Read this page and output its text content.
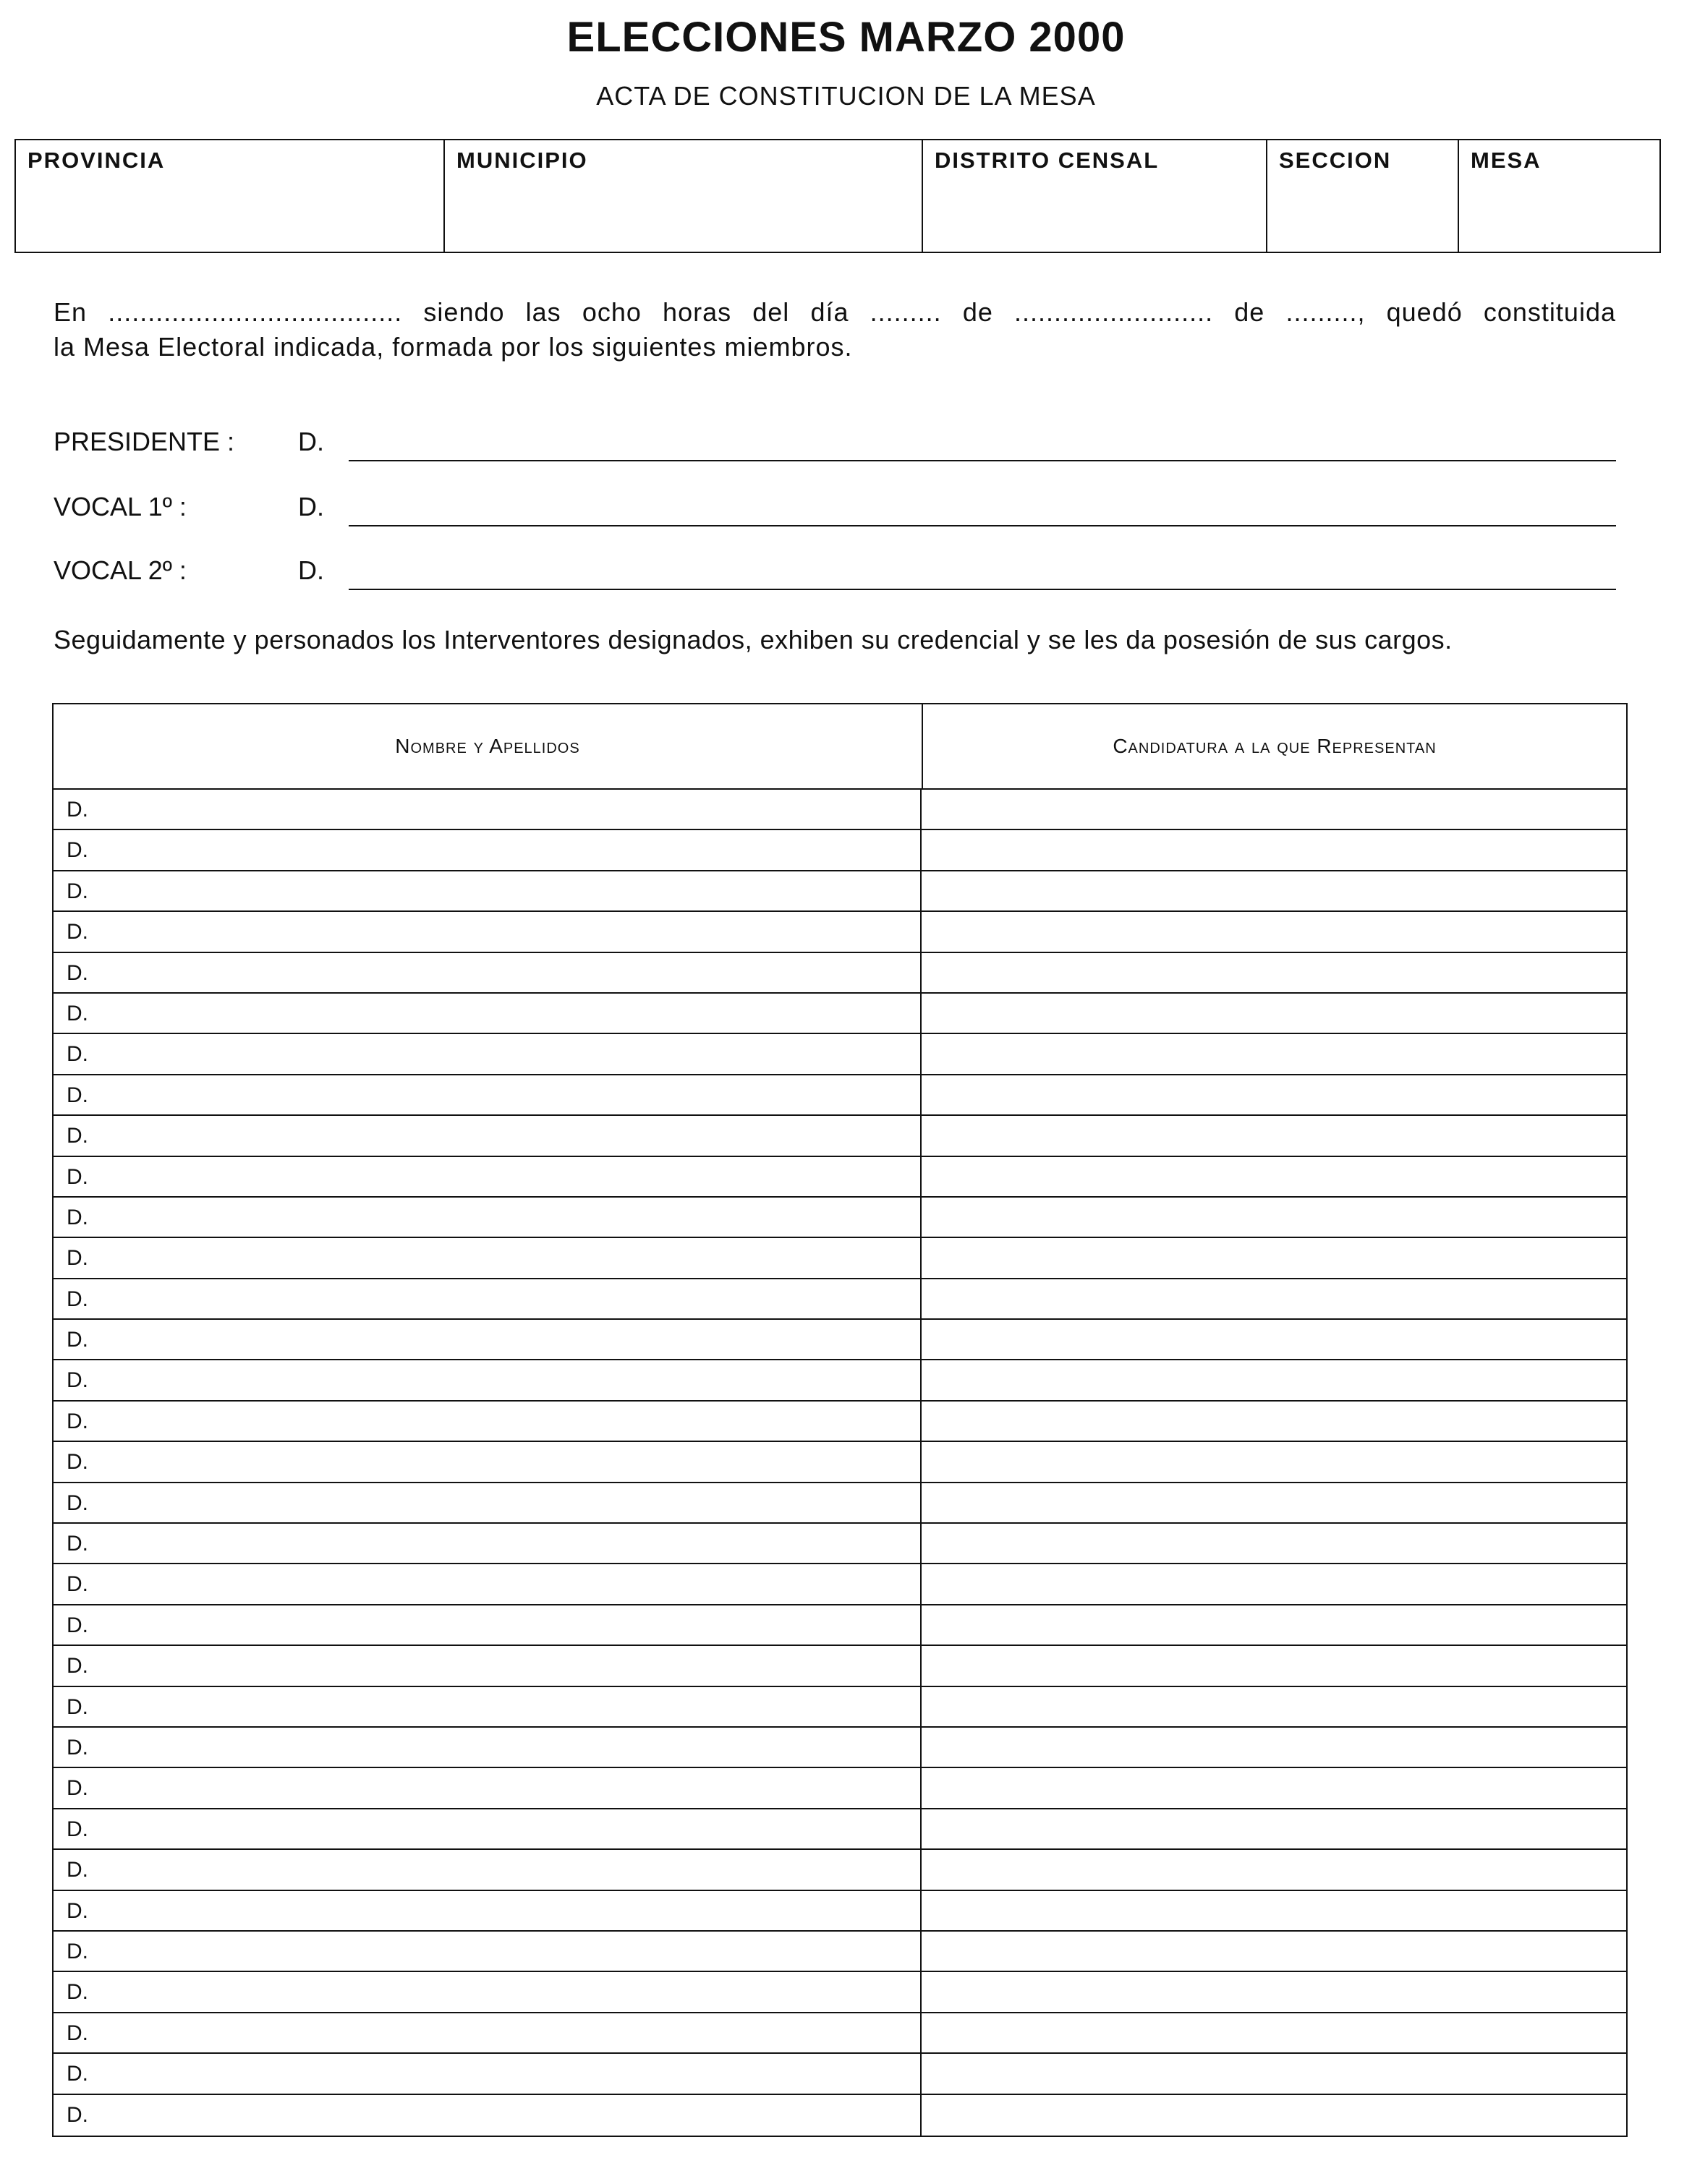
ELECCIONES MARZO 2000
ACTA DE CONSTITUCION DE LA MESA
PROVINCIA	MUNICIPIO	DISTRITO CENSAL	SECCION	MESA
En ..................................... siendo las ocho horas del día ......... de ......................... de ........., quedó constituida
la Mesa Electoral indicada, formada por los siguientes miembros.
PRESIDENTE : D.
VOCAL 1º :	D.
VOCAL 2º :	D.
Seguidamente y personados los Interventores designados, exhiben su credencial y se les da posesión de sus cargos.
Nombre y Apellidos	Candidatura a la que Representan
D.
D.
D.
D.
D.
D.
D.
D.
D.
D.
D.
D.
D.
D.
D.
D.
D.
D.
D.
D.
D.
D.
D.
D.
D.
D.
D.
D.
D.
D.
D.
D.
D.
